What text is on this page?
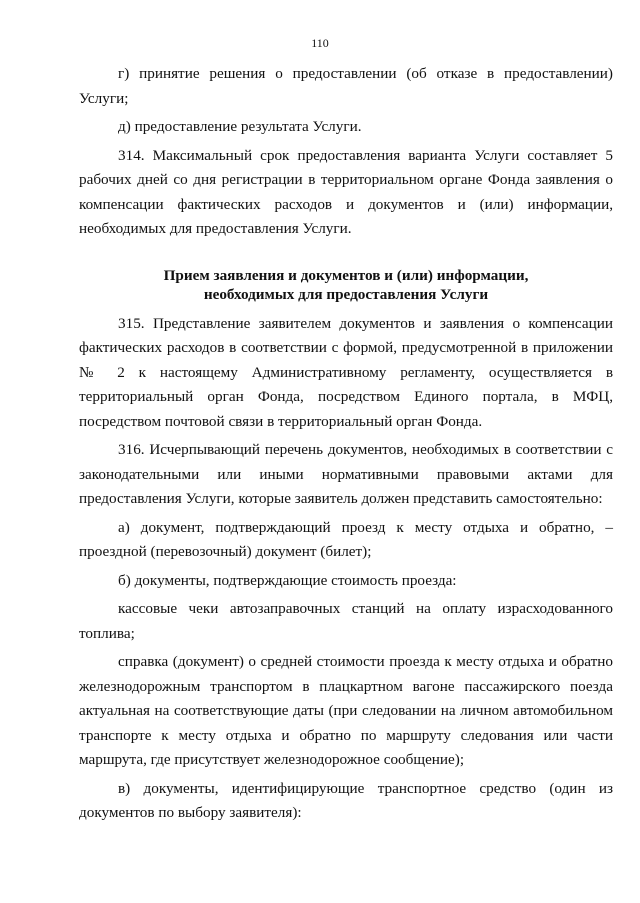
110

г) принятие решения о предоставлении (об отказе в предоставлении) Услуги;

д) предоставление результата Услуги.

314. Максимальный срок предоставления варианта Услуги составляет 5 рабочих дней со дня регистрации в территориальном органе Фонда заявления о компенсации фактических расходов и документов и (или) информации, необходимых для предоставления Услуги.

Прием заявления и документов и (или) информации,
необходимых для предоставления Услуги

315. Представление заявителем документов и заявления о компенсации фактических расходов в соответствии с формой, предусмотренной в приложении № 2 к настоящему Административному регламенту, осуществляется в территориальный орган Фонда, посредством Единого портала, в МФЦ, посредством почтовой связи в территориальный орган Фонда.

316. Исчерпывающий перечень документов, необходимых в соответствии с законодательными или иными нормативными правовыми актами для предоставления Услуги, которые заявитель должен представить самостоятельно:

а) документ, подтверждающий проезд к месту отдыха и обратно, – проездной (перевозочный) документ (билет);

б) документы, подтверждающие стоимость проезда:

кассовые чеки автозаправочных станций на оплату израсходованного топлива;

справка (документ) о средней стоимости проезда к месту отдыха и обратно железнодорожным транспортом в плацкартном вагоне пассажирского поезда актуальная на соответствующие даты (при следовании на личном автомобильном транспорте к месту отдыха и обратно по маршруту следования или части маршрута, где присутствует железнодорожное сообщение);

в) документы, идентифицирующие транспортное средство (один из документов по выбору заявителя):
